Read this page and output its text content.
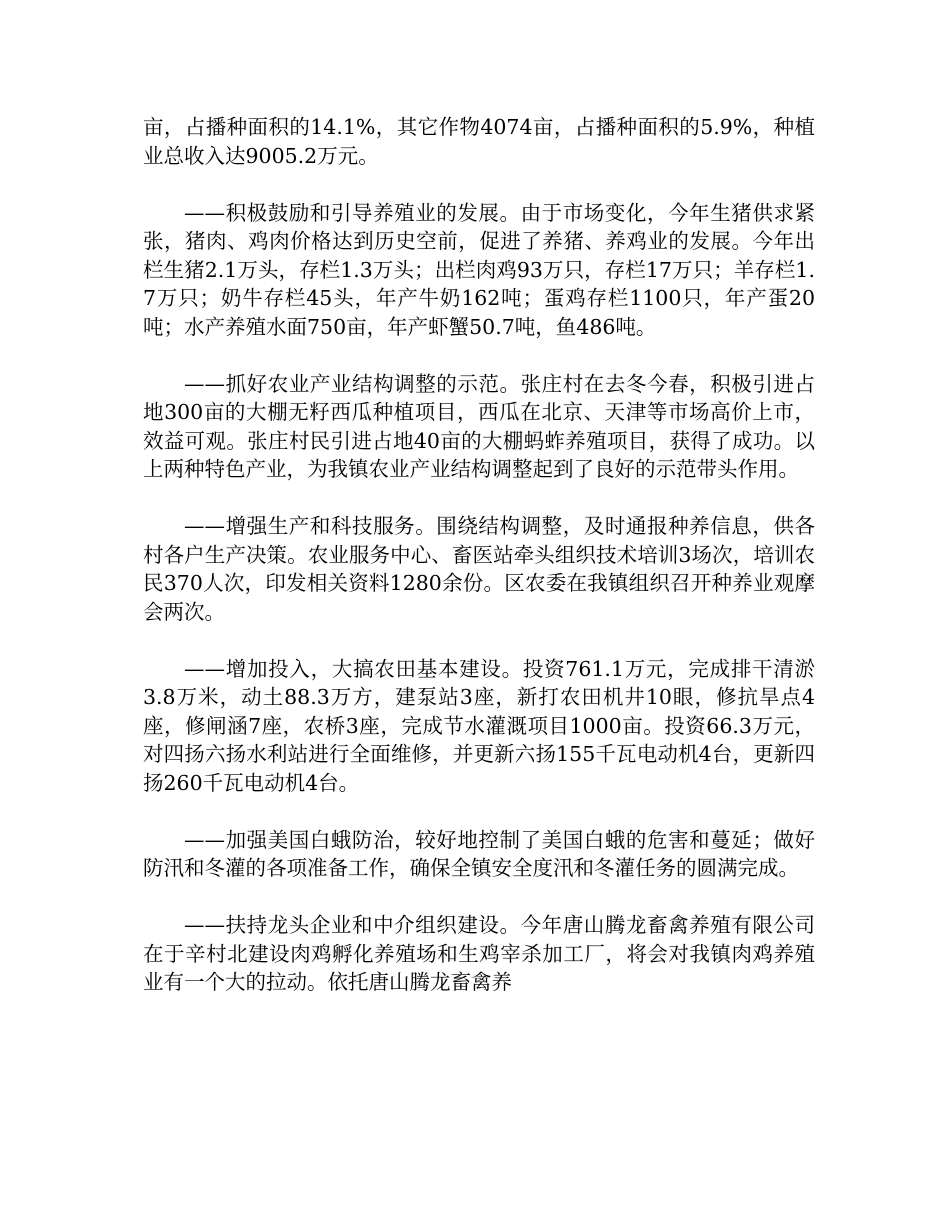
亩，占播种面积的14.1%，其它作物4074亩，占播种面积的5.9%，种植业总收入达9005.2万元。

——积极鼓励和引导养殖业的发展。由于市场变化，今年生猪供求紧张，猪肉、鸡肉价格达到历史空前，促进了养猪、养鸡业的发展。今年出栏生猪2.1万头，存栏1.3万头；出栏肉鸡93万只，存栏17万只；羊存栏1.7万只；奶牛存栏45头，年产牛奶162吨；蛋鸡存栏1100只，年产蛋20吨；水产养殖水面750亩，年产虾蟹50.7吨，鱼486吨。

——抓好农业产业结构调整的示范。张庄村在去冬今春，积极引进占地300亩的大棚无籽西瓜种植项目，西瓜在北京、天津等市场高价上市，效益可观。张庄村民引进占地40亩的大棚蚂蚱养殖项目，获得了成功。以上两种特色产业，为我镇农业产业结构调整起到了良好的示范带头作用。

——增强生产和科技服务。围绕结构调整，及时通报种养信息，供各村各户生产决策。农业服务中心、畜医站牵头组织技术培训3场次，培训农民370人次，印发相关资料1280余份。区农委在我镇组织召开种养业观摩会两次。

——增加投入，大搞农田基本建设。投资761.1万元，完成排干清淤3.8万米，动土88.3万方，建泵站3座，新打农田机井10眼，修抗旱点4座，修闸涵7座，农桥3座，完成节水灌溉项目1000亩。投资66.3万元，对四扬六扬水利站进行全面维修，并更新六扬155千瓦电动机4台，更新四扬260千瓦电动机4台。

——加强美国白蛾防治，较好地控制了美国白蛾的危害和蔓延；做好防汛和冬灌的各项准备工作，确保全镇安全度汛和冬灌任务的圆满完成。

——扶持龙头企业和中介组织建设。今年唐山腾龙畜禽养殖有限公司在于辛村北建设肉鸡孵化养殖场和生鸡宰杀加工厂，将会对我镇肉鸡养殖业有一个大的拉动。依托唐山腾龙畜禽养
